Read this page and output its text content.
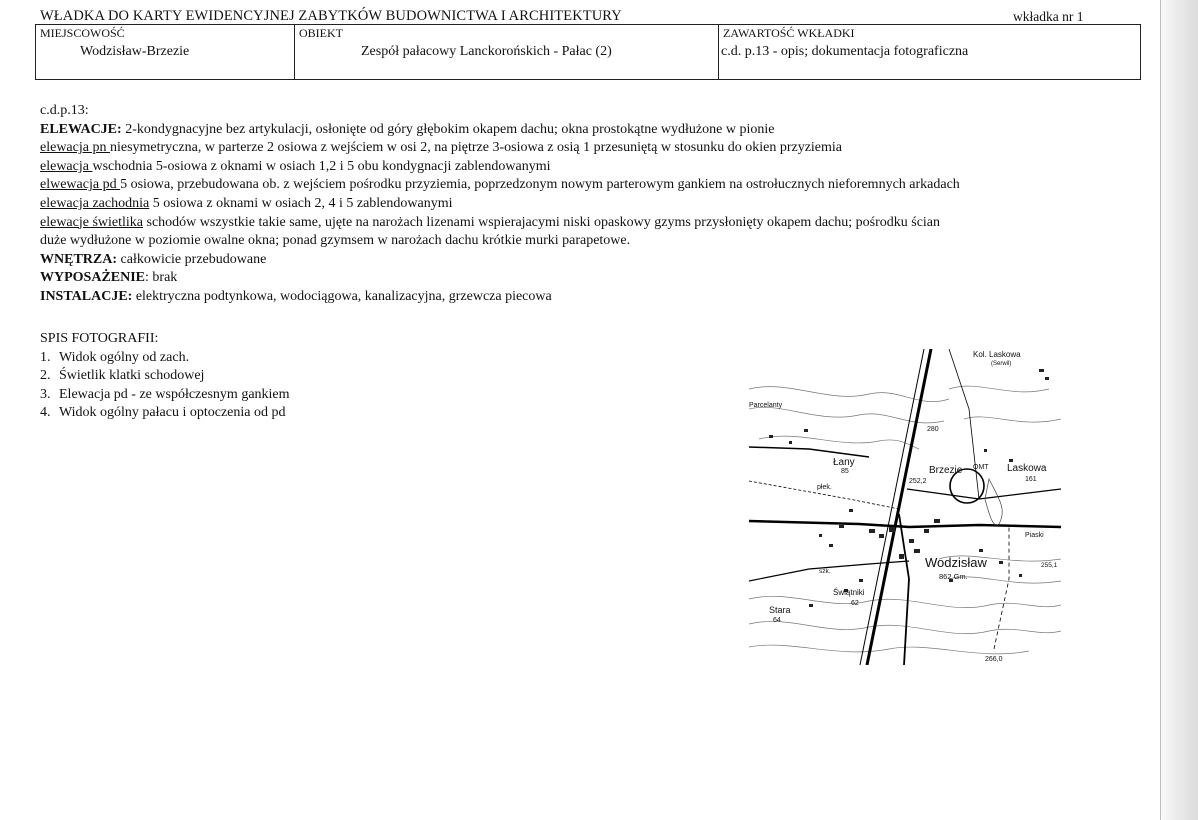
WŁADKA DO KARTY EWIDENCYJNEJ ZABYTKÓW BUDOWNICTWA I ARCHITEKTURY	wkładka nr 1
MIEJSCOWOŚĆ
Wodzisław-Brzezie
OBIEKT
Zespół pałacowy Lanckorońskich - Pałac (2)
ZAWARTOŚĆ WKŁADKI
c.d. p.13 - opis; dokumentacja fotograficzna
c.d.p.13:
ELEWACJE: 2-kondygnacyjne bez artykulacji, osłonięte od góry głębokim okapem dachu; okna prostokątne wydłużone w pionie
elewacja pn niesymetryczna, w parterze 2 osiowa z wejściem w osi 2, na piętrze 3-osiowa z osią 1 przesuniętą w stosunku do okien przyziemia
elewacja wschodnia 5-osiowa z oknami w osiach 1,2 i 5 obu kondygnacji zablendowanymi
elwewacja pd 5 osiowa, przebudowana ob. z wejściem pośrodku przyziemia, poprzedzonym nowym parterowym gankiem na ostrołucznych nieforemnych arkadach
elewacja zachodnia 5 osiowa z oknami w osiach 2, 4 i 5 zablendowanymi
elewacje świetlika schodów wszystkie takie same, ujęte na narożach lizenami wspierajacymi niski opaskowy gzyms przysłonięty okapem dachu; pośrodku ścian
duże wydłużone w poziomie owalne okna; ponad gzymsem w narożach dachu krótkie murki parapetowe.
WNĘTRZA: całkowicie przebudowane
WYPOSAŻENIE: brak
INSTALACJE: elektryczna podtynkowa, wodociągowa, kanalizacyjna, grzewcza piecowa
SPIS FOTOGRAFII:
1. Widok ogólny od zach.
2. Świetlik klatki schodowej
3. Elewacja pd - ze współczesnym gankiem
4. Widok ogólny pałacu i optoczenia od pd
Kol. Laskowa
(Serwil)
Parcelanty
280
Łany
85	Brzezie OMT Laskowa
161
252,2
płek.
Piaski
Wodzisław
862 Gm.
255,1
Świątniki
62
Stara
64
266,0
szk.
